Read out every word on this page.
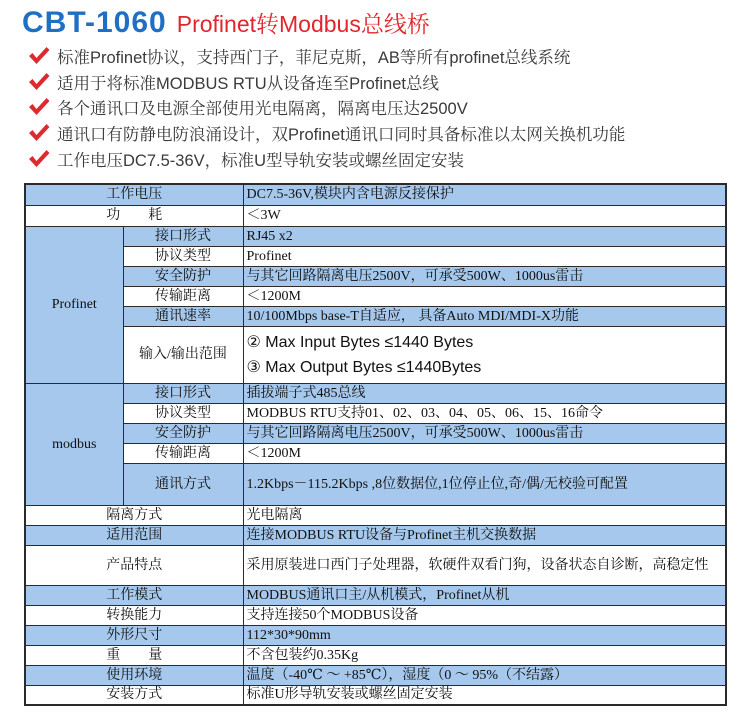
CBT-1060 Profinet转Modbus总线桥
标准Profinet协议，支持西门子，菲尼克斯，AB等所有profinet总线系统
适用于将标准MODBUS RTU从设备连至Profinet总线
各个通讯口及电源全部使用光电隔离，隔离电压达2500V
通讯口有防静电防浪涌设计，双Profinet通讯口同时具备标准以太网关换机功能
工作电压DC7.5-36V，标准U型导轨安装或螺丝固定安装
工作电压		DC7.5-36V,模块内含电源反接保护
功　　耗		＜3W
Profinet	接口形式	RJ45 x2
	协议类型	Profinet
	安全防护	与其它回路隔离电压2500V，可承受500W、1000us雷击
	传输距离	＜1200M
	通讯速率	10/100Mbps base-T自适应， 具备Auto MDI/MDI-X功能
	输入/输出范围	② Max Input Bytes ≤1440 Bytes
③ Max Output Bytes ≤1440Bytes

modbus	接口形式	插拔端子式485总线
	协议类型	MODBUS RTU支持01、02、03、04、05、06、15、16命令
	安全防护	与其它回路隔离电压2500V，可承受500W、1000us雷击
	传输距离	＜1200M
	通讯方式	1.2Kbps－115.2Kbps ,8位数据位,1位停止位,奇/偶/无校验可配置
隔离方式		光电隔离
适用范围		连接MODBUS RTU设备与Profinet主机交换数据
产品特点		采用原装进口西门子处理器，软硬件双看门狗，设备状态自诊断，高稳定性
工作模式		MODBUS通讯口主/从机模式，Profinet从机
转换能力		支持连接50个MODBUS设备
外形尺寸		112*30*90mm
重　　量		不含包装约0.35Kg
使用环境		温度（-40℃ ～ +85℃），湿度（0 ～ 95%（不结露）
安装方式		标准U形导轨安装或螺丝固定安装
